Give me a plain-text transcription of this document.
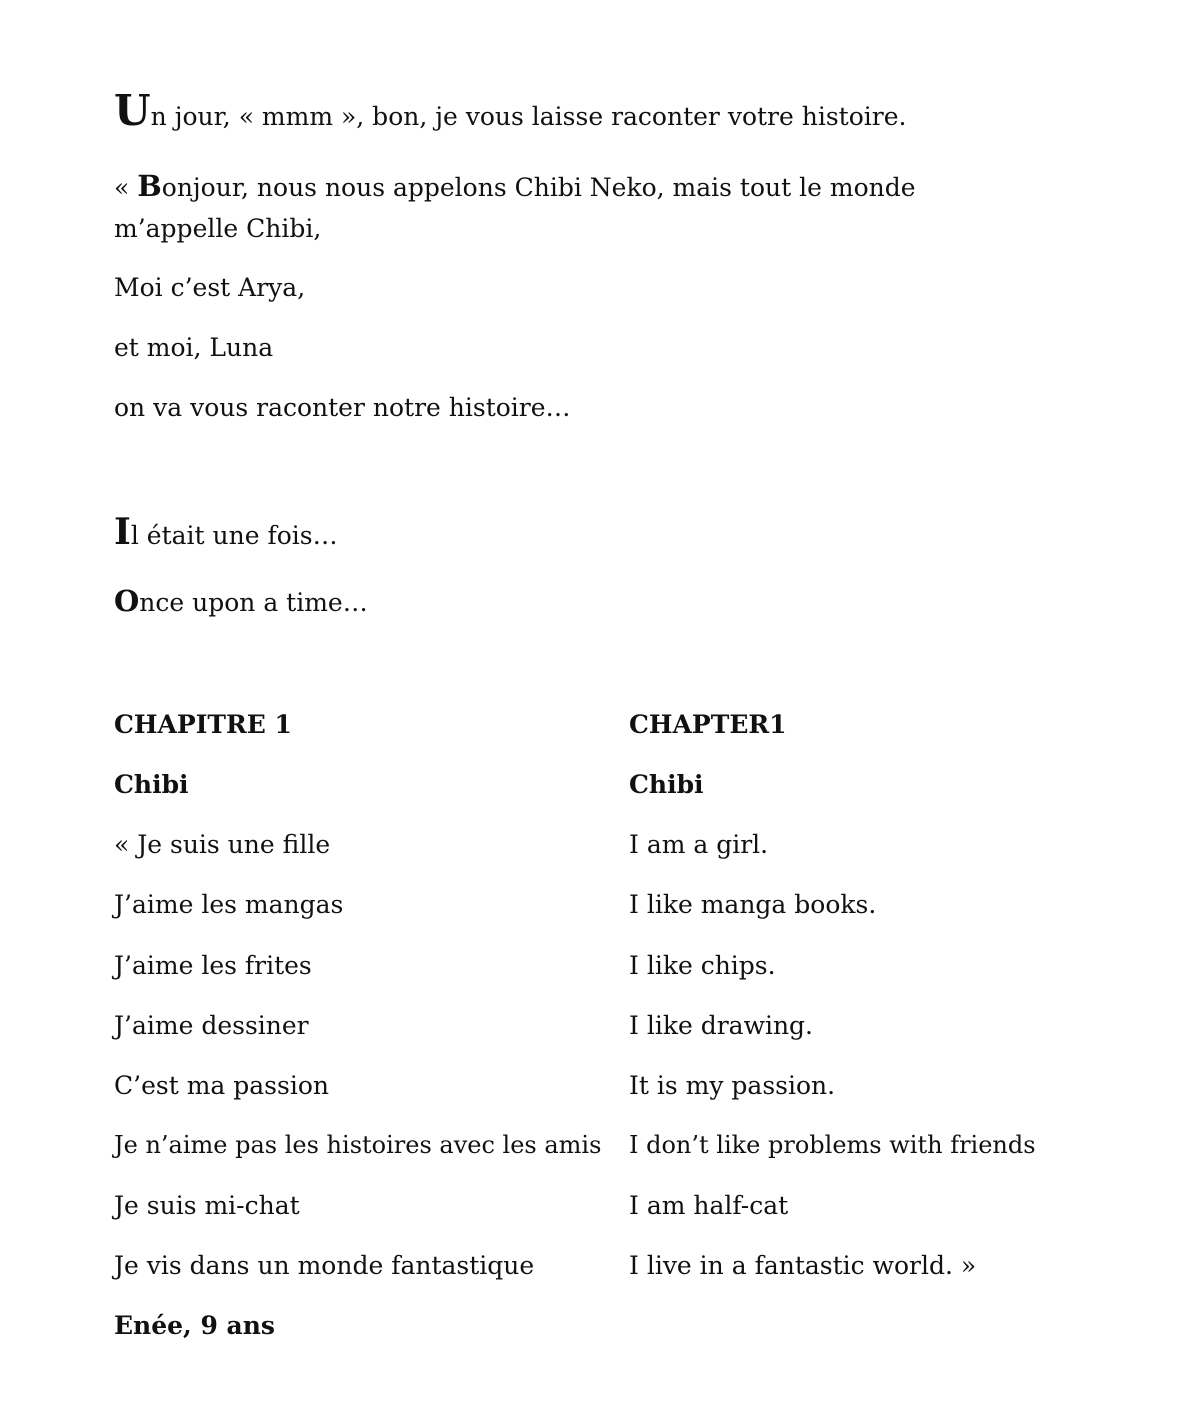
Un jour, « mmm », bon, je vous laisse raconter votre histoire.

« Bonjour, nous nous appelons Chibi Neko, mais tout le monde m’appelle Chibi,

Moi c’est Arya,

et moi, Luna

on va vous raconter notre histoire…

Il était une fois…

Once upon a time…

CHAPITRE 1	CHAPTER1

Chibi	Chibi

« Je suis une fille

J’aime les mangas

J’aime les frites

J’aime dessiner

C’est ma passion

Je n’aime pas les histoires avec les amis

Je suis mi-chat

Je vis dans un monde fantastique

I am a girl.

I like manga books.

I like chips.

I like drawing.

It is my passion.

I don’t like problems with friends

I am half-cat

I live in a fantastic world. »

Enée, 9 ans
